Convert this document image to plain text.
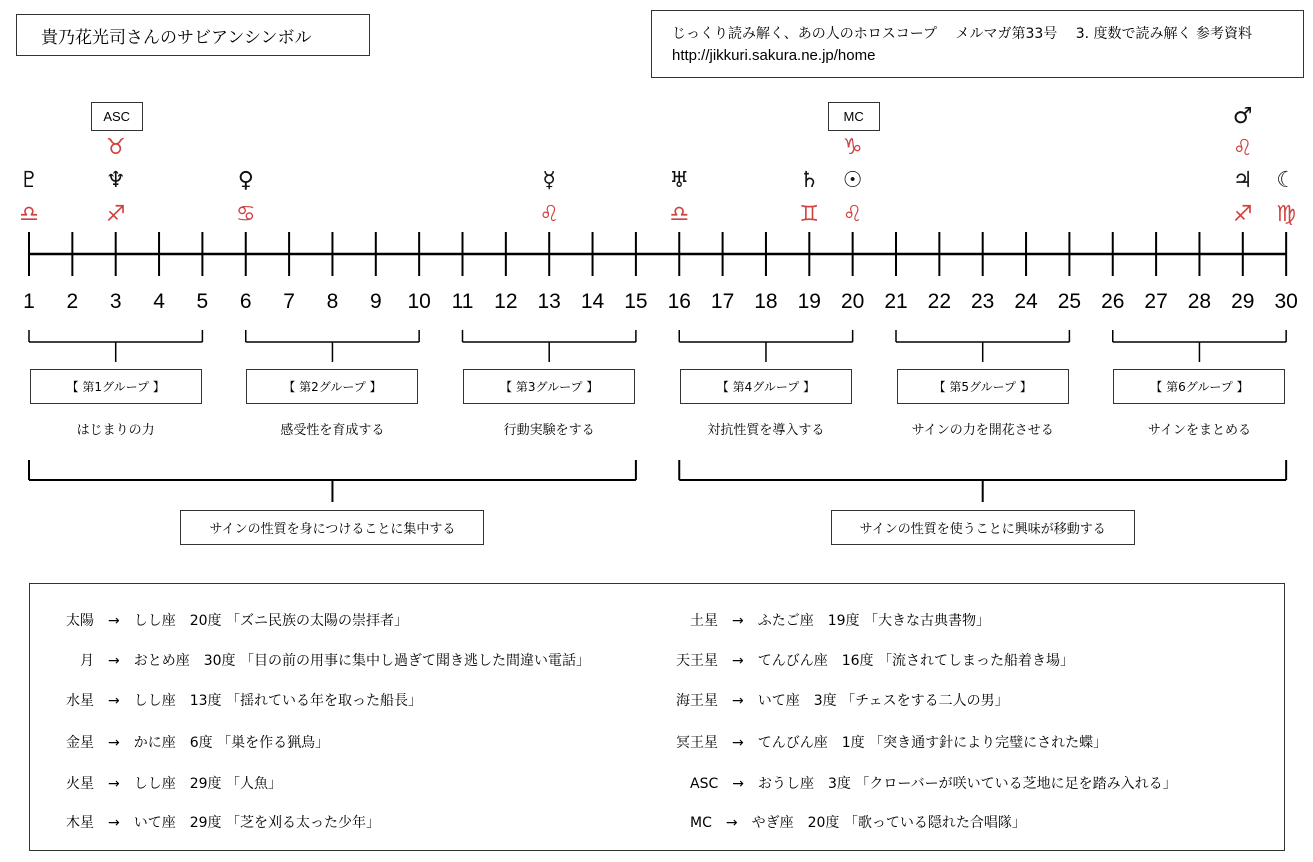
貴乃花光司さんのサビアンシンボル	じっくり読み解く、あの人のホロスコープ　 メルマガ第33号　 3. 度数で読み解く 参考資料
http://jikkuri.sakura.ne.jp/home
1	2	3	4	5	6	7	8	9	10 11 12 13 14 15 16 17 18 19 20 21 22 23 24 25 26 27 28 29 30
ASC	MC
♇
♎
♆
♐
♉
♀
♋
☿
♌
♅
♎
♄
♊
☉
♌
♑
♃
♐
♂
♌
☾
♍
【 第1グループ 】
はじまりの力
【 第2グループ 】
感受性を育成する
【 第3グループ 】
行動実験をする
【 第4グループ 】
対抗性質を導入する
【 第5グループ 】
サインの力を開花させる
【 第6グループ 】
サインをまとめる
サインの性質を身につけることに集中する	サインの性質を使うことに興味が移動する
太陽　→　しし座　20度 「ズニ民族の太陽の崇拝者」
　月　→　おとめ座　30度 「目の前の用事に集中し過ぎて聞き逃した間違い電話」
水星　→　しし座　13度 「揺れている年を取った船長」
金星　→　かに座　6度 「巣を作る猟鳥」
火星　→　しし座　29度 「人魚」
木星　→　いて座　29度 「芝を刈る太った少年」
　土星　→　ふたご座　19度 「大きな古典書物」
天王星　→　てんびん座　16度 「流されてしまった船着き場」
海王星　→　いて座　3度 「チェスをする二人の男」
冥王星　→　てんびん座　1度 「突き通す針により完璧にされた蝶」
　ASC　→　おうし座　3度 「クローバーが咲いている芝地に足を踏み入れる」
　MC　→　やぎ座　20度 「歌っている隠れた合唱隊」
